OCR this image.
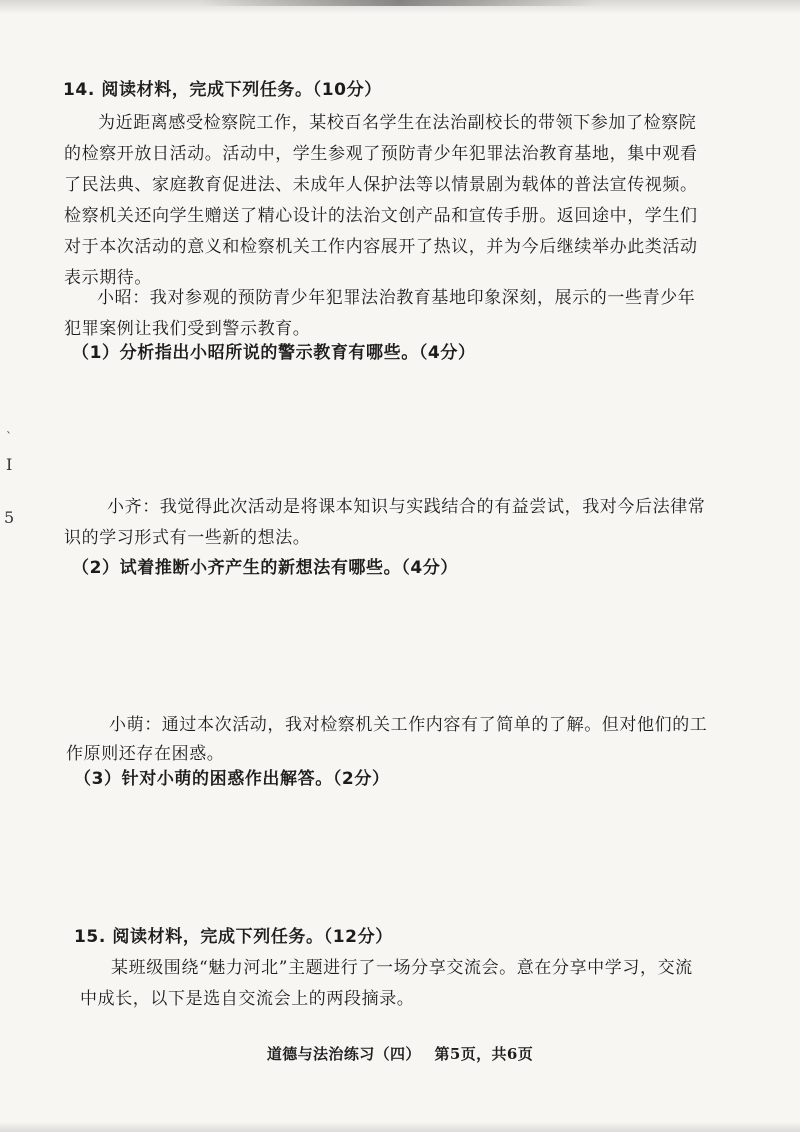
14. 阅读材料，完成下列任务。（10分）
为近距离感受检察院工作，某校百名学生在法治副校长的带领下参加了检察院
的检察开放日活动。活动中，学生参观了预防青少年犯罪法治教育基地，集中观看
了民法典、家庭教育促进法、未成年人保护法等以情景剧为载体的普法宣传视频。
检察机关还向学生赠送了精心设计的法治文创产品和宣传手册。返回途中，学生们
对于本次活动的意义和检察机关工作内容展开了热议，并为今后继续举办此类活动
表示期待。
小昭：我对参观的预防青少年犯罪法治教育基地印象深刻，展示的一些青少年
犯罪案例让我们受到警示教育。
（1）分析指出小昭所说的警示教育有哪些。（4分）
小齐：我觉得此次活动是将课本知识与实践结合的有益尝试，我对今后法律常
识的学习形式有一些新的想法。
（2）试着推断小齐产生的新想法有哪些。（4分）
小萌：通过本次活动，我对检察机关工作内容有了简单的了解。但对他们的工
作原则还存在困惑。
（3）针对小萌的困惑作出解答。（2分）
15. 阅读材料，完成下列任务。（12分）
某班级围绕“魅力河北”主题进行了一场分享交流会。意在分享中学习，交流
中成长，以下是选自交流会上的两段摘录。
ˋ
I
5
道德与法治练习（四） 第5页，共6页
